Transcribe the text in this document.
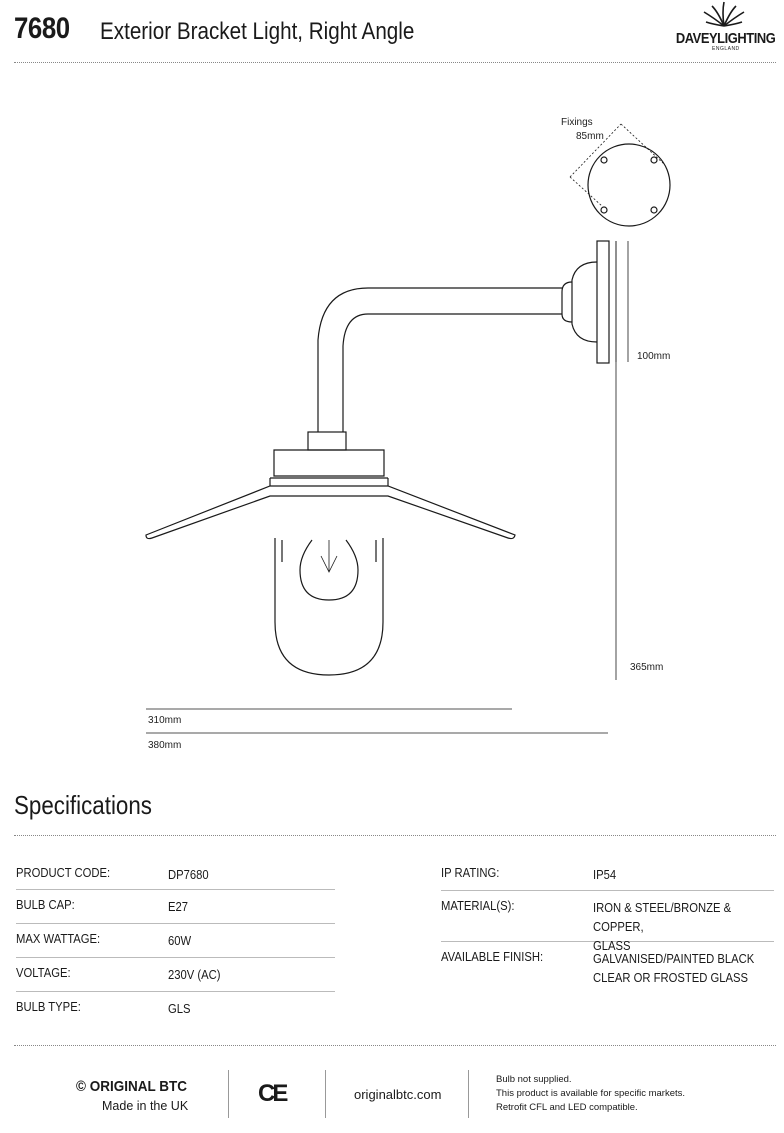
7680 Exterior Bracket Light, Right Angle	DAVEYLIGHTING
ENGLAND
Fixings
85mm
100mm
365mm
310mm
380mm
Specifications
PRODUCT CODE:	DP7680
BULB CAP:	E27
MAX WATTAGE:	60W
VOLTAGE:	230V (AC)
BULB TYPE:	GLS
IP RATING:	IP54
MATERIAL(S):	IRON & STEEL/BRONZE & COPPER,
GLASS
AVAILABLE FINISH:	GALVANISED/PAINTED BLACK
CLEAR OR FROSTED GLASS
© ORIGINAL BTC
Made in the UK	CE	originalbtc.com
Bulb not supplied.
This product is available for specific markets.
Retrofit CFL and LED compatible.
